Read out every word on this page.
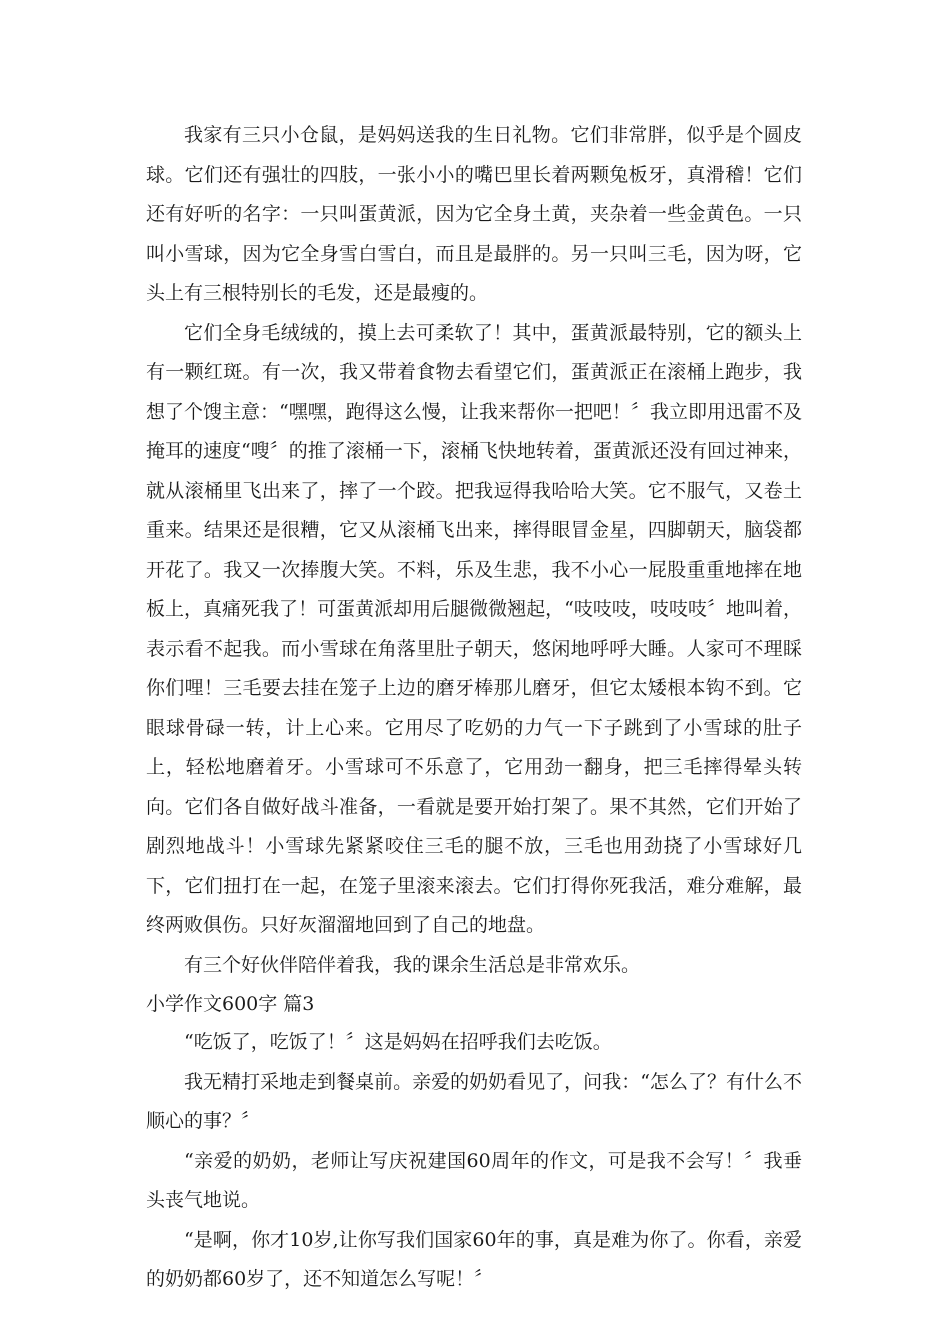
我家有三只小仓鼠，是妈妈送我的生日礼物。它们非常胖，似乎是个圆皮球。它们还有强壮的四肢，一张小小的嘴巴里长着两颗兔板牙，真滑稽！它们还有好听的名字：一只叫蛋黄派，因为它全身土黄，夹杂着一些金黄色。一只叫小雪球，因为它全身雪白雪白，而且是最胖的。另一只叫三毛，因为呀，它头上有三根特别长的毛发，还是最瘦的。

它们全身毛绒绒的，摸上去可柔软了！其中，蛋黄派最特别，它的额头上有一颗红斑。有一次，我又带着食物去看望它们，蛋黄派正在滚桶上跑步，我想了个馊主意：“嘿嘿，跑得这么慢，让我来帮你一把吧！〞我立即用迅雷不及掩耳的速度“嗖〞的推了滚桶一下，滚桶飞快地转着，蛋黄派还没有回过神来，就从滚桶里飞出来了，摔了一个跤。把我逗得我哈哈大笑。它不服气，又卷土重来。结果还是很糟，它又从滚桶飞出来，摔得眼冒金星，四脚朝天，脑袋都开花了。我又一次捧腹大笑。不料，乐及生悲，我不小心一屁股重重地摔在地板上，真痛死我了！可蛋黄派却用后腿微微翘起，“吱吱吱，吱吱吱〞地叫着，表示看不起我。而小雪球在角落里肚子朝天，悠闲地呼呼大睡。人家可不理睬你们哩！三毛要去挂在笼子上边的磨牙棒那儿磨牙，但它太矮根本钩不到。它眼球骨碌一转，计上心来。它用尽了吃奶的力气一下子跳到了小雪球的肚子上，轻松地磨着牙。小雪球可不乐意了，它用劲一翻身，把三毛摔得晕头转向。它们各自做好战斗准备，一看就是要开始打架了。果不其然，它们开始了剧烈地战斗！小雪球先紧紧咬住三毛的腿不放，三毛也用劲挠了小雪球好几下，它们扭打在一起，在笼子里滚来滚去。它们打得你死我活，难分难解，最终两败俱伤。只好灰溜溜地回到了自己的地盘。

有三个好伙伴陪伴着我，我的课余生活总是非常欢乐。

小学作文600字 篇3

“吃饭了，吃饭了！〞这是妈妈在招呼我们去吃饭。

我无精打采地走到餐桌前。亲爱的奶奶看见了，问我：“怎么了？有什么不顺心的事？〞

“亲爱的奶奶，老师让写庆祝建国60周年的作文，可是我不会写！〞我垂头丧气地说。

“是啊，你才10岁,让你写我们国家60年的事，真是难为你了。你看，亲爱的奶奶都60岁了，还不知道怎么写呢！〞
